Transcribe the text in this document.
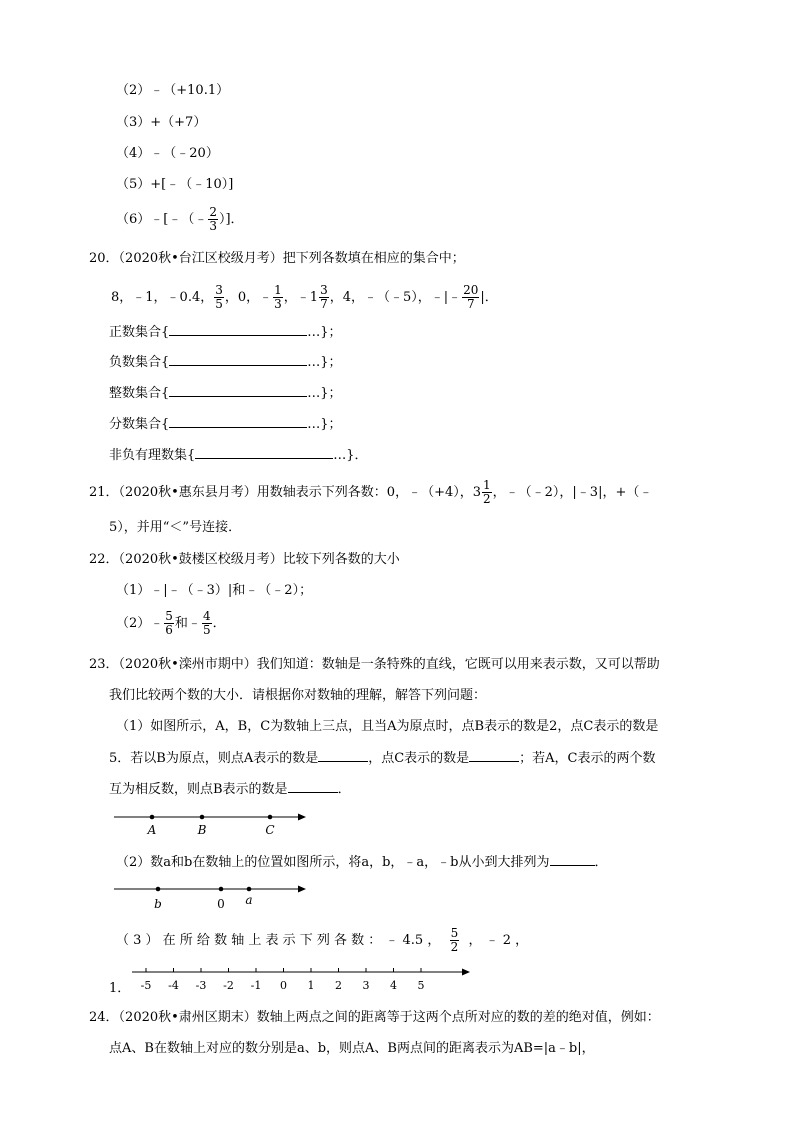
（2）﹣（+10.1）
（3）+（+7）
（4）﹣（﹣20）
（5）+[﹣（﹣10）]
（6）﹣[﹣（﹣ $\frac{2}{3}$ ）]．
20．（2020秋•台江区校级月考）把下列各数填在相应的集合中；
8，﹣1，﹣0.4， $\frac{3}{5}$ ，0，﹣ $\frac{1}{3}$ ，﹣1 $\frac{3}{7}$ ，4，﹣（﹣5），﹣|﹣ $\frac{20}{7}$ |．
正数集合{	…}；
负数集合{	…}；
整数集合{	…}；
分数集合{	…}；
非负有理数集{	…}．
21．（2020秋•惠东县月考）用数轴表示下列各数：0，﹣（+4），$3 \frac{1}{2}$ ，﹣（﹣2），|﹣3|，+（﹣
5），并用“＜”号连接．
22．（2020秋•鼓楼区校级月考）比较下列各数的大小
（1）﹣|﹣（﹣3）|和﹣（﹣2）；
（2）﹣ $\frac{5}{6}$ 和﹣ $\frac{4}{5}$ ．
23．（2020秋•滦州市期中）我们知道：数轴是一条特殊的直线，它既可以用来表示数，又可以帮助
我们比较两个数的大小．请根据你对数轴的理解，解答下列问题：
（1）如图所示，A，B，C为数轴上三点，且当A为原点时，点B表示的数是2，点C表示的数是
5．若以B为原点，则点A表示的数是	，点C表示的数是	；若A，C表示的两个数
互为相反数，则点B表示的数是	．
A	B	C
（2）数a和b在数轴上的位置如图所示，将a，b，﹣a，﹣b从小到大排列为	．
b	0 a
（ 3 ） 在 所 给 数 轴 上 表 示 下 列 各 数 ： ﹣ 4.5 ， $\frac{5}{2}$ ， ﹣ 2 ，
1． -5 -4 -3 -2 -1 0 1 2 3 4 5
24．（2020秋•肃州区期末）数轴上两点之间的距离等于这两个点所对应的数的差的绝对值，例如：
点A、B在数轴上对应的数分别是a、b，则点A、B两点间的距离表示为AB=|a﹣b|，
